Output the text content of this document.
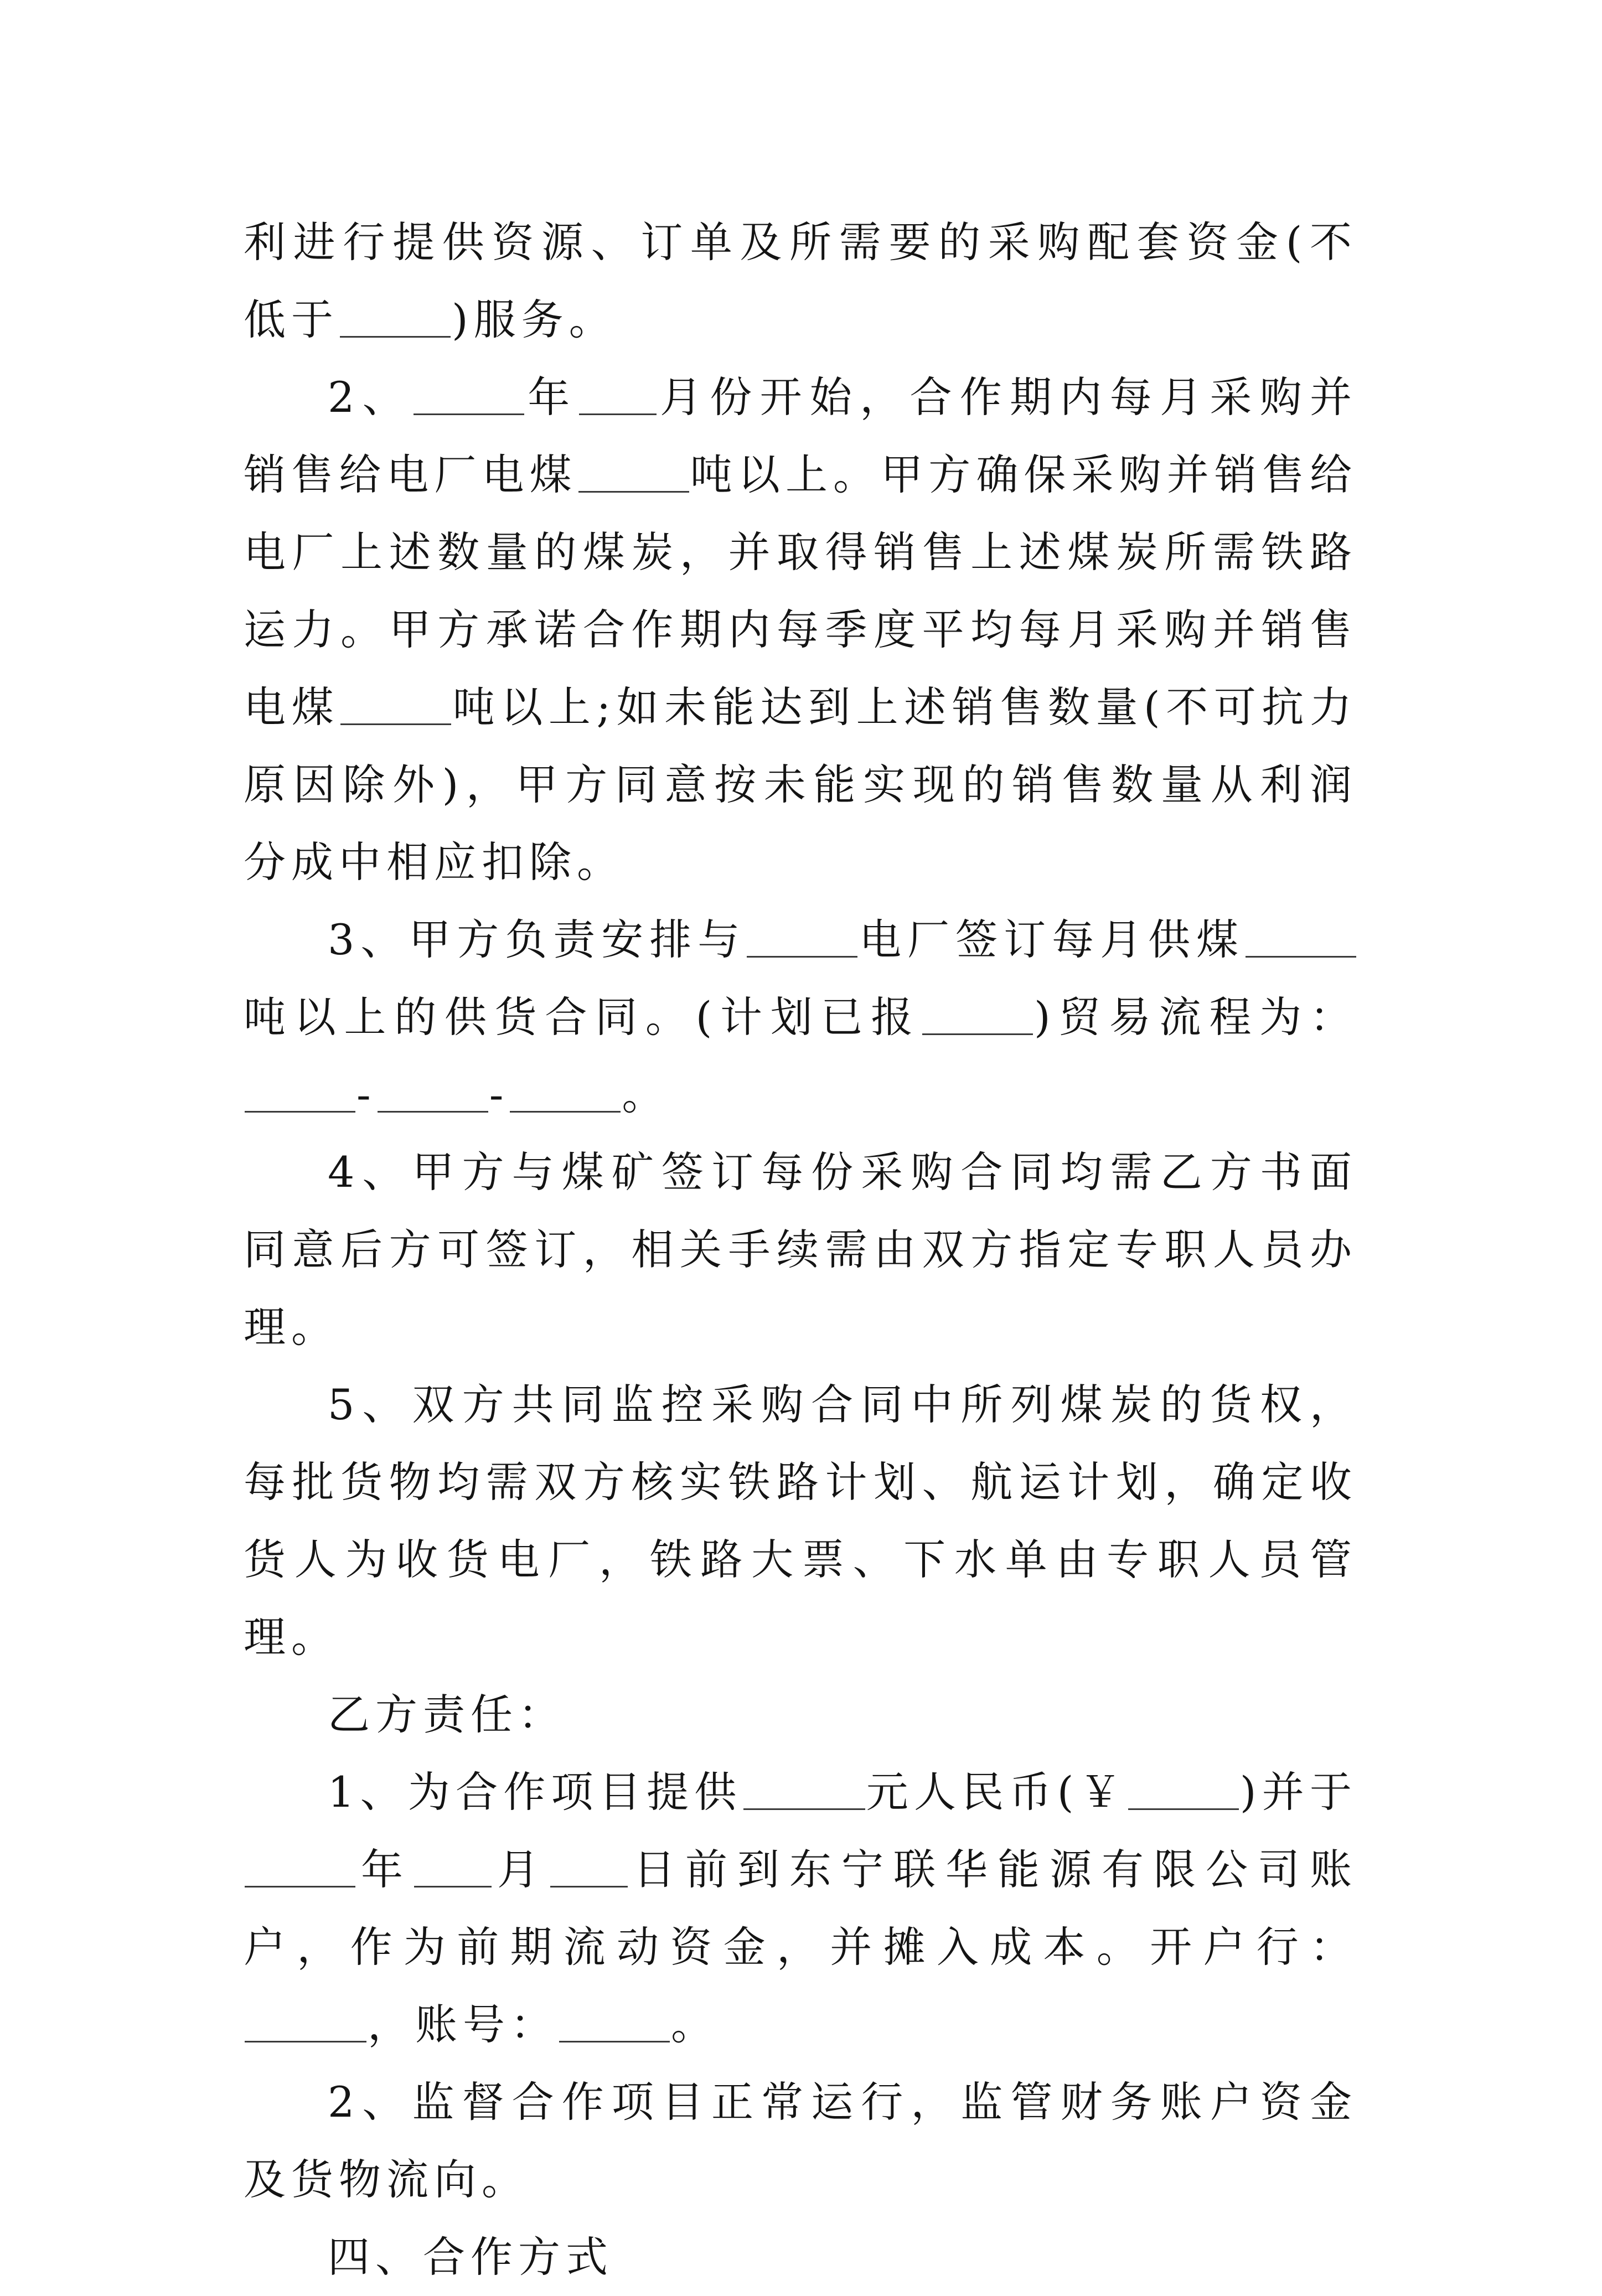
利进行提供资源、订单及所需要的采购配套资金(不低于	)服务。

2、	年 月份开始，合作期内每月采购并销售给电厂电煤	吨以上。甲方确保采购并销售给电厂上述数量的煤炭，并取得销售上述煤炭所需铁路运力。甲方承诺合作期内每季度平均每月采购并销售电煤	吨以上;如未能达到上述销售数量(不可抗力原因除外)，甲方同意按未能实现的销售数量从利润分成中相应扣除。

3、甲方负责安排与	电厂签订每月供煤吨以上的供货合同。(计划已报	)贸易流程为：-	-	。

4、甲方与煤矿签订每份采购合同均需乙方书面同意后方可签订，相关手续需由双方指定专职人员办理。

5、双方共同监控采购合同中所列煤炭的货权，每批货物均需双方核实铁路计划、航运计划，确定收货人为收货电厂，铁路大票、下水单由专职人员管理。

乙方责任：

1、为合作项目提供	元人民币(￥	)并于年 月 日前到东宁联华能源有限公司账户，作为前期流动资金，并摊入成本。开户行：，账号：	。

2、监督合作项目正常运行，监管财务账户资金及货物流向。

四、合作方式
